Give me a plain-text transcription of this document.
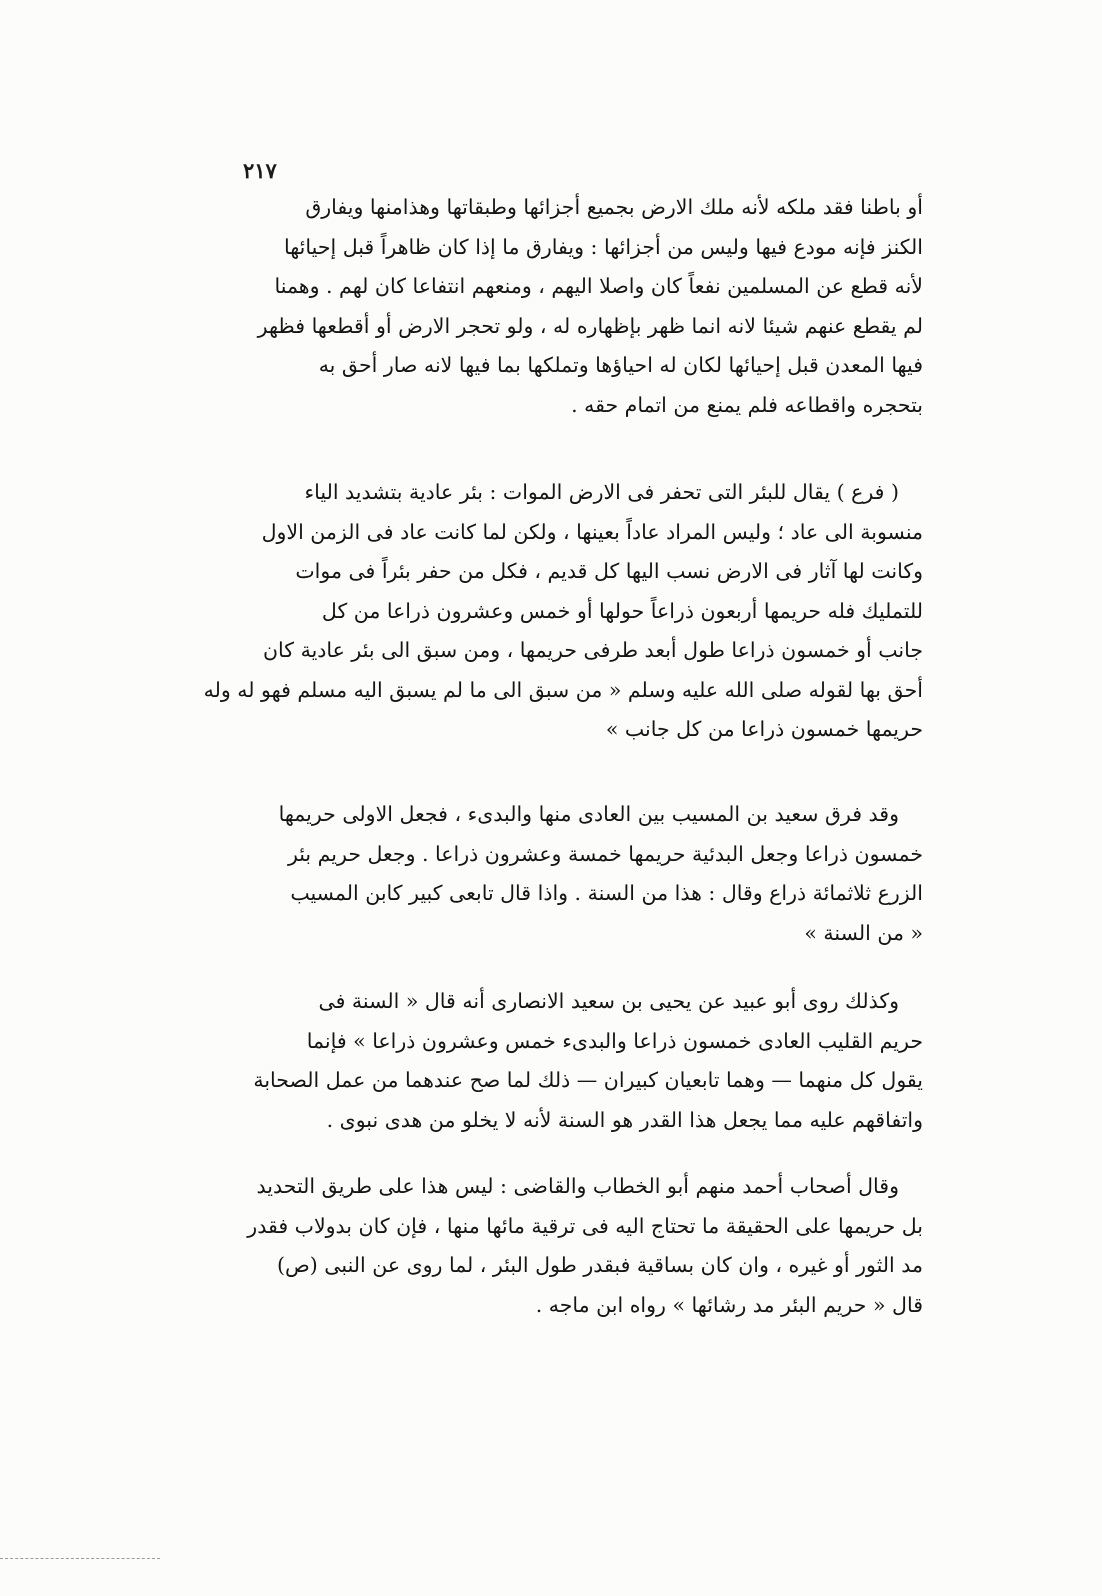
٢١٧
أو باطنا فقد ملكه لأنه ملك الارض بجميع أجزائها وطبقاتها وهذامنها ويفارق
الكنز فإنه مودع فيها وليس من أجزائها : ويفارق ما إذا كان ظاهراً قبل إحيائها
لأنه قطع عن المسلمين نفعاً كان واصلا اليهم ، ومنعهم انتفاعا كان لهم . وهمنا
لم يقطع عنهم شيئا لانه انما ظهر بإظهاره له ، ولو تحجر الارض أو أقطعها فظهر
فيها المعدن قبل إحيائها لكان له احياؤها وتملكها بما فيها لانه صار أحق به
بتحجره واقطاعه فلم يمنع من اتمام حقه .
( فرع ) يقال للبئر التى تحفر فى الارض الموات : بئر عادية بتشديد الياء
منسوبة الى عاد ؛ وليس المراد عاداً بعينها ، ولكن لما كانت عاد فى الزمن الاول
وكانت لها آثار فى الارض نسب اليها كل قديم ، فكل من حفر بئراً فى موات
للتمليك فله حريمها أربعون ذراعاً حولها أو خمس وعشرون ذراعا من كل
جانب أو خمسون ذراعا طول أبعد طرفى حريمها ، ومن سبق الى بئر عادية كان
أحق بها لقوله صلى الله عليه وسلم « من سبق الى ما لم يسبق اليه مسلم فهو له وله
حريمها خمسون ذراعا من كل جانب »
وقد فرق سعيد بن المسيب بين العادى منها والبدىء ، فجعل الاولى حريمها
خمسون ذراعا وجعل البدئية حريمها خمسة وعشرون ذراعا . وجعل حريم بئر
الزرع ثلاثمائة ذراع وقال : هذا من السنة . واذا قال تابعى كبير كابن المسيب
« من السنة »
وكذلك روى أبو عبيد عن يحيى بن سعيد الانصارى أنه قال « السنة فى
حريم القليب العادى خمسون ذراعا والبدىء خمس وعشرون ذراعا » فإنما
يقول كل منهما — وهما تابعيان كبيران — ذلك لما صح عندهما من عمل الصحابة
واتفاقهم عليه مما يجعل هذا القدر هو السنة لأنه لا يخلو من هدى نبوى .
وقال أصحاب أحمد منهم أبو الخطاب والقاضى : ليس هذا على طريق التحديد
بل حريمها على الحقيقة ما تحتاج اليه فى ترقية مائها منها ، فإن كان بدولاب فقدر
مد الثور أو غيره ، وان كان بساقية فبقدر طول البئر ، لما روى عن النبى (ص)
قال « حريم البئر مد رشائها » رواه ابن ماجه .
